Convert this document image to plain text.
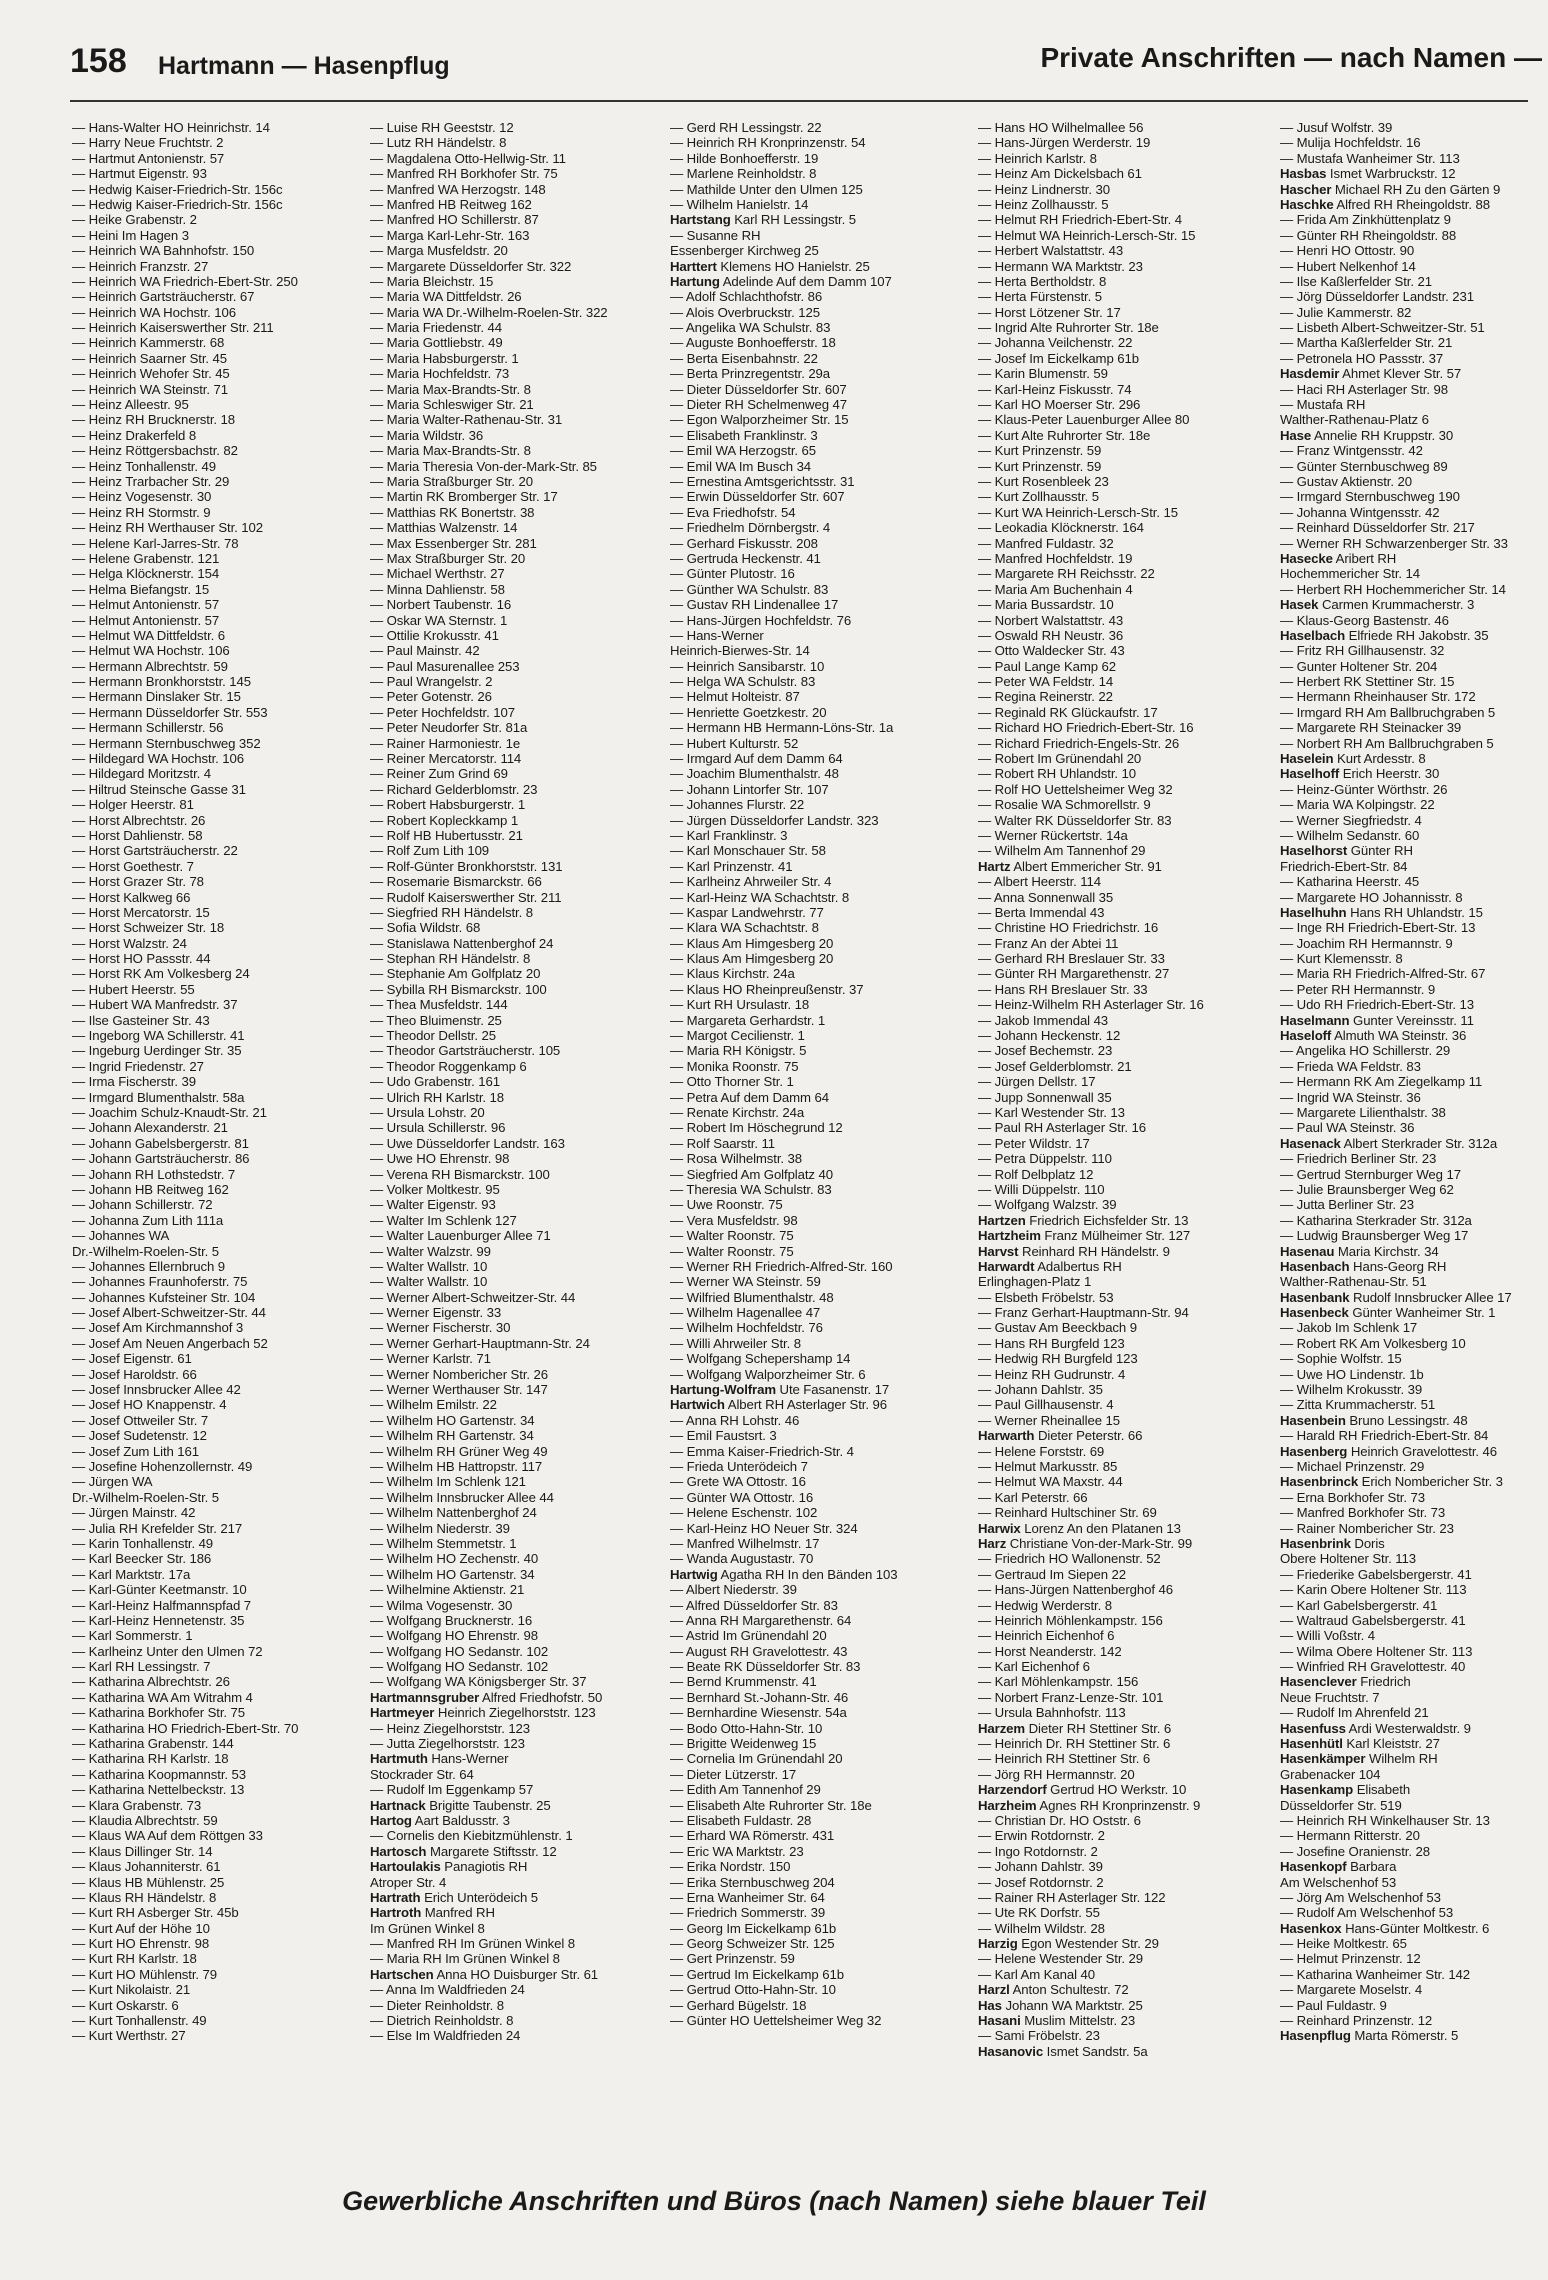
158 Hartmann — Hasenpflug	Private Anschriften — nach Namen —
— Hans-Walter HO Heinrichstr. 14
— Harry Neue Fruchtstr. 2
— Hartmut Antonienstr. 57
— Hartmut Eigenstr. 93
— Hedwig Kaiser-Friedrich-Str. 156c
— Hedwig Kaiser-Friedrich-Str. 156c
— Heike Grabenstr. 2
— Heini Im Hagen 3
— Heinrich WA Bahnhofstr. 150
— Heinrich Franzstr. 27
— Heinrich WA Friedrich-Ebert-Str. 250
— Heinrich Gartsträucherstr. 67
— Heinrich WA Hochstr. 106
— Heinrich Kaiserswerther Str. 211
— Heinrich Kammerstr. 68
— Heinrich Saarner Str. 45
— Heinrich Wehofer Str. 45
— Heinrich WA Steinstr. 71
— Heinz Alleestr. 95
— Heinz RH Brucknerstr. 18
— Heinz Drakerfeld 8
— Heinz Röttgersbachstr. 82
— Heinz Tonhallenstr. 49
— Heinz Trarbacher Str. 29
— Heinz Vogesenstr. 30
— Heinz RH Stormstr. 9
— Heinz RH Werthauser Str. 102
— Helene Karl-Jarres-Str. 78
— Helene Grabenstr. 121
— Helga Klöcknerstr. 154
— Helma Biefangstr. 15
— Helmut Antonienstr. 57
— Helmut Antonienstr. 57
— Helmut WA Dittfeldstr. 6
— Helmut WA Hochstr. 106
— Hermann Albrechtstr. 59
— Hermann Bronkhorststr. 145
— Hermann Dinslaker Str. 15
— Hermann Düsseldorfer Str. 553
— Hermann Schillerstr. 56
— Hermann Sternbuschweg 352
— Hildegard WA Hochstr. 106
— Hildegard Moritzstr. 4
— Hiltrud Steinsche Gasse 31
— Holger Heerstr. 81
— Horst Albrechtstr. 26
— Horst Dahlienstr. 58
— Horst Gartsträucherstr. 22
— Horst Goethestr. 7
— Horst Grazer Str. 78
— Horst Kalkweg 66
— Horst Mercatorstr. 15
— Horst Schweizer Str. 18
— Horst Walzstr. 24
— Horst HO Passstr. 44
— Horst RK Am Volkesberg 24
— Hubert Heerstr. 55
— Hubert WA Manfredstr. 37
— Ilse Gasteiner Str. 43
— Ingeborg WA Schillerstr. 41
— Ingeburg Uerdinger Str. 35
— Ingrid Friedenstr. 27
— Irma Fischerstr. 39
— Irmgard Blumenthalstr. 58a
— Joachim Schulz-Knaudt-Str. 21
— Johann Alexanderstr. 21
— Johann Gabelsbergerstr. 81
— Johann Gartsträucherstr. 86
— Johann RH Lothstedstr. 7
— Johann HB Reitweg 162
— Johann Schillerstr. 72
— Johanna Zum Lith 111a
— Johannes WA
Dr.-Wilhelm-Roelen-Str. 5
— Johannes Ellernbruch 9
— Johannes Fraunhoferstr. 75
— Johannes Kufsteiner Str. 104
— Josef Albert-Schweitzer-Str. 44
— Josef Am Kirchmannshof 3
— Josef Am Neuen Angerbach 52
— Josef Eigenstr. 61
— Josef Haroldstr. 66
— Josef Innsbrucker Allee 42
— Josef HO Knappenstr. 4
— Josef Ottweiler Str. 7
— Josef Sudetenstr. 12
— Josef Zum Lith 161
— Josefine Hohenzollernstr. 49
— Jürgen WA
Dr.-Wilhelm-Roelen-Str. 5
— Jürgen Mainstr. 42
— Julia RH Krefelder Str. 217
— Karin Tonhallenstr. 49
— Karl Beecker Str. 186
— Karl Marktstr. 17a
— Karl-Günter Keetmanstr. 10
— Karl-Heinz Halfmannspfad 7
— Karl-Heinz Hennetenstr. 35
— Karl Sommerstr. 1
— Karlheinz Unter den Ulmen 72
— Karl RH Lessingstr. 7
— Katharina Albrechtstr. 26
— Katharina WA Am Witrahm 4
— Katharina Borkhofer Str. 75
— Katharina HO Friedrich-Ebert-Str. 70
— Katharina Grabenstr. 144
— Katharina RH Karlstr. 18
— Katharina Koopmannstr. 53
— Katharina Nettelbeckstr. 13
— Klara Grabenstr. 73
— Klaudia Albrechtstr. 59
— Klaus WA Auf dem Röttgen 33
— Klaus Dillinger Str. 14
— Klaus Johanniterstr. 61
— Klaus HB Mühlenstr. 25
— Klaus RH Händelstr. 8
— Kurt RH Asberger Str. 45b
— Kurt Auf der Höhe 10
— Kurt HO Ehrenstr. 98
— Kurt RH Karlstr. 18
— Kurt HO Mühlenstr. 79
— Kurt Nikolaistr. 21
— Kurt Oskarstr. 6
— Kurt Tonhallenstr. 49
— Kurt Werthstr. 27
— Luise RH Geeststr. 12
— Lutz RH Händelstr. 8
— Magdalena Otto-Hellwig-Str. 11
— Manfred RH Borkhofer Str. 75
— Manfred WA Herzogstr. 148
— Manfred HB Reitweg 162
— Manfred HO Schillerstr. 87
— Marga Karl-Lehr-Str. 163
— Marga Musfeldstr. 20
— Margarete Düsseldorfer Str. 322
— Maria Bleichstr. 15
— Maria WA Dittfeldstr. 26
— Maria WA Dr.-Wilhelm-Roelen-Str. 322
— Maria Friedenstr. 44
— Maria Gottliebstr. 49
— Maria Habsburgerstr. 1
— Maria Hochfeldstr. 73
— Maria Max-Brandts-Str. 8
— Maria Schleswiger Str. 21
— Maria Walter-Rathenau-Str. 31
— Maria Wildstr. 36
— Maria Max-Brandts-Str. 8
— Maria Theresia Von-der-Mark-Str. 85
— Maria Straßburger Str. 20
— Martin RK Bromberger Str. 17
— Matthias RK Bonertstr. 38
— Matthias Walzenstr. 14
— Max Essenberger Str. 281
— Max Straßburger Str. 20
— Michael Werthstr. 27
— Minna Dahlienstr. 58
— Norbert Taubenstr. 16
— Oskar WA Sternstr. 1
— Ottilie Krokusstr. 41
— Paul Mainstr. 42
— Paul Masurenallee 253
— Paul Wrangelstr. 2
— Peter Gotenstr. 26
— Peter Hochfeldstr. 107
— Peter Neudorfer Str. 81a
— Rainer Harmoniestr. 1e
— Reiner Mercatorstr. 114
— Reiner Zum Grind 69
— Richard Gelderblomstr. 23
— Robert Habsburgerstr. 1
— Robert Kopleckkamp 1
— Rolf HB Hubertusstr. 21
— Rolf Zum Lith 109
— Rolf-Günter Bronkhorststr. 131
— Rosemarie Bismarckstr. 66
— Rudolf Kaiserswerther Str. 211
— Siegfried RH Händelstr. 8
— Sofia Wildstr. 68
— Stanislawa Nattenberghof 24
— Stephan RH Händelstr. 8
— Stephanie Am Golfplatz 20
— Sybilla RH Bismarckstr. 100
— Thea Musfeldstr. 144
— Theo Bluimenstr. 25
— Theodor Dellstr. 25
— Theodor Gartsträucherstr. 105
— Theodor Roggenkamp 6
— Udo Grabenstr. 161
— Ulrich RH Karlstr. 18
— Ursula Lohstr. 20
— Ursula Schillerstr. 96
— Uwe Düsseldorfer Landstr. 163
— Uwe HO Ehrenstr. 98
— Verena RH Bismarckstr. 100
— Volker Moltkestr. 95
— Walter Eigenstr. 93
— Walter Im Schlenk 127
— Walter Lauenburger Allee 71
— Walter Walzstr. 99
— Walter Wallstr. 10
— Walter Wallstr. 10
— Werner Albert-Schweitzer-Str. 44
— Werner Eigenstr. 33
— Werner Fischerstr. 30
— Werner Gerhart-Hauptmann-Str. 24
— Werner Karlstr. 71
— Werner Nombericher Str. 26
— Werner Werthauser Str. 147
— Wilhelm Emilstr. 22
— Wilhelm HO Gartenstr. 34
— Wilhelm RH Gartenstr. 34
— Wilhelm RH Grüner Weg 49
— Wilhelm HB Hattropstr. 117
— Wilhelm Im Schlenk 121
— Wilhelm Innsbrucker Allee 44
— Wilhelm Nattenberghof 24
— Wilhelm Niederstr. 39
— Wilhelm Stemmetstr. 1
— Wilhelm HO Zechenstr. 40
— Wilhelm HO Gartenstr. 34
— Wilhelmine Aktienstr. 21
— Wilma Vogesenstr. 30
— Wolfgang Brucknerstr. 16
— Wolfgang HO Ehrenstr. 98
— Wolfgang HO Sedanstr. 102
— Wolfgang HO Sedanstr. 102
— Wolfgang WA Königsberger Str. 37
Hartmannsgruber Alfred Friedhofstr. 50
Hartmeyer Heinrich Ziegelhorststr. 123
— Heinz Ziegelhorststr. 123
— Jutta Ziegelhorststr. 123
Hartmuth Hans-Werner
Stockrader Str. 64
— Rudolf Im Eggenkamp 57
Hartnack Brigitte Taubenstr. 25
Hartog Aart Baldusstr. 3
— Cornelis den Kiebitzmühlenstr. 1
Hartosch Margarete Stiftsstr. 12
Hartoulakis Panagiotis RH
Atroper Str. 4
Hartrath Erich Unterödeich 5
Hartroth Manfred RH
Im Grünen Winkel 8
— Manfred RH Im Grünen Winkel 8
— Maria RH Im Grünen Winkel 8
Hartschen Anna HO Duisburger Str. 61
— Anna Im Waldfrieden 24
— Dieter Reinholdstr. 8
— Dietrich Reinholdstr. 8
— Else Im Waldfrieden 24
— Gerd RH Lessingstr. 22
— Heinrich RH Kronprinzenstr. 54
— Hilde Bonhoefferstr. 19
— Marlene Reinholdstr. 8
— Mathilde Unter den Ulmen 125
— Wilhelm Hanielstr. 14
Hartstang Karl RH Lessingstr. 5
— Susanne RH
Essenberger Kirchweg 25
Harttert Klemens HO Hanielstr. 25
Hartung Adelinde Auf dem Damm 107
— Adolf Schlachthofstr. 86
— Alois Overbruckstr. 125
— Angelika WA Schulstr. 83
— Auguste Bonhoefferstr. 18
— Berta Eisenbahnstr. 22
— Berta Prinzregentstr. 29a
— Dieter Düsseldorfer Str. 607
— Dieter RH Schelmenweg 47
— Egon Walporzheimer Str. 15
— Elisabeth Franklinstr. 3
— Emil WA Herzogstr. 65
— Emil WA Im Busch 34
— Ernestina Amtsgerichtsstr. 31
— Erwin Düsseldorfer Str. 607
— Eva Friedhofstr. 54
— Friedhelm Dörnbergstr. 4
— Gerhard Fiskusstr. 208
— Gertruda Heckenstr. 41
— Günter Plutostr. 16
— Günther WA Schulstr. 83
— Gustav RH Lindenallee 17
— Hans-Jürgen Hochfeldstr. 76
— Hans-Werner
Heinrich-Bierwes-Str. 14
— Heinrich Sansibarstr. 10
— Helga WA Schulstr. 83
— Helmut Holteistr. 87
— Henriette Goetzkestr. 20
— Hermann HB Hermann-Löns-Str. 1a
— Hubert Kulturstr. 52
— Irmgard Auf dem Damm 64
— Joachim Blumenthalstr. 48
— Johann Lintorfer Str. 107
— Johannes Flurstr. 22
— Jürgen Düsseldorfer Landstr. 323
— Karl Franklinstr. 3
— Karl Monschauer Str. 58
— Karl Prinzenstr. 41
— Karlheinz Ahrweiler Str. 4
— Karl-Heinz WA Schachtstr. 8
— Kaspar Landwehrstr. 77
— Klara WA Schachtstr. 8
— Klaus Am Himgesberg 20
— Klaus Am Himgesberg 20
— Klaus Kirchstr. 24a
— Klaus HO Rheinpreußenstr. 37
— Kurt RH Ursulastr. 18
— Margareta Gerhardstr. 1
— Margot Cecilienstr. 1
— Maria RH Königstr. 5
— Monika Roonstr. 75
— Otto Thorner Str. 1
— Petra Auf dem Damm 64
— Renate Kirchstr. 24a
— Robert Im Höschegrund 12
— Rolf Saarstr. 11
— Rosa Wilhelmstr. 38
— Siegfried Am Golfplatz 40
— Theresia WA Schulstr. 83
— Uwe Roonstr. 75
— Vera Musfeldstr. 98
— Walter Roonstr. 75
— Walter Roonstr. 75
— Werner RH Friedrich-Alfred-Str. 160
— Werner WA Steinstr. 59
— Wilfried Blumenthalstr. 48
— Wilhelm Hagenallee 47
— Wilhelm Hochfeldstr. 76
— Willi Ahrweiler Str. 8
— Wolfgang Schepershamp 14
— Wolfgang Walporzheimer Str. 6
Hartung-Wolfram Ute Fasanenstr. 17
Hartwich Albert RH Asterlager Str. 96
— Anna RH Lohstr. 46
— Emil Faustsrt. 3
— Emma Kaiser-Friedrich-Str. 4
— Frieda Unterödeich 7
— Grete WA Ottostr. 16
— Günter WA Ottostr. 16
— Helene Eschenstr. 102
— Karl-Heinz HO Neuer Str. 324
— Manfred Wilhelmstr. 17
— Wanda Augustastr. 70
Hartwig Agatha RH In den Bänden 103
— Albert Niederstr. 39
— Alfred Düsseldorfer Str. 83
— Anna RH Margarethenstr. 64
— Astrid Im Grünendahl 20
— August RH Gravelottestr. 43
— Beate RK Düsseldorfer Str. 83
— Bernd Krummenstr. 41
— Bernhard St.-Johann-Str. 46
— Bernhardine Wiesenstr. 54a
— Bodo Otto-Hahn-Str. 10
— Brigitte Weidenweg 15
— Cornelia Im Grünendahl 20
— Dieter Lützerstr. 17
— Edith Am Tannenhof 29
— Elisabeth Alte Ruhrorter Str. 18e
— Elisabeth Fuldastr. 28
— Erhard WA Römerstr. 431
— Eric WA Marktstr. 23
— Erika Nordstr. 150
— Erika Sternbuschweg 204
— Erna Wanheimer Str. 64
— Friedrich Sommerstr. 39
— Georg Im Eickelkamp 61b
— Georg Schweizer Str. 125
— Gert Prinzenstr. 59
— Gertrud Im Eickelkamp 61b
— Gertrud Otto-Hahn-Str. 10
— Gerhard Bügelstr. 18
— Günter HO Uettelsheimer Weg 32
— Hans HO Wilhelmallee 56
— Hans-Jürgen Werderstr. 19
— Heinrich Karlstr. 8
— Heinz Am Dickelsbach 61
— Heinz Lindnerstr. 30
— Heinz Zollhausstr. 5
— Helmut RH Friedrich-Ebert-Str. 4
— Helmut WA Heinrich-Lersch-Str. 15
— Herbert Walstattstr. 43
— Hermann WA Marktstr. 23
— Herta Bertholdstr. 8
— Herta Fürstenstr. 5
— Horst Lötzener Str. 17
— Ingrid Alte Ruhrorter Str. 18e
— Johanna Veilchenstr. 22
— Josef Im Eickelkamp 61b
— Karin Blumenstr. 59
— Karl-Heinz Fiskusstr. 74
— Karl HO Moerser Str. 296
— Klaus-Peter Lauenburger Allee 80
— Kurt Alte Ruhrorter Str. 18e
— Kurt Prinzenstr. 59
— Kurt Prinzenstr. 59
— Kurt Rosenbleek 23
— Kurt Zollhausstr. 5
— Kurt WA Heinrich-Lersch-Str. 15
— Leokadia Klöcknerstr. 164
— Manfred Fuldastr. 32
— Manfred Hochfeldstr. 19
— Margarete RH Reichsstr. 22
— Maria Am Buchenhain 4
— Maria Bussardstr. 10
— Norbert Walstattstr. 43
— Oswald RH Neustr. 36
— Otto Waldecker Str. 43
— Paul Lange Kamp 62
— Peter WA Feldstr. 14
— Regina Reinerstr. 22
— Reginald RK Glückaufstr. 17
— Richard HO Friedrich-Ebert-Str. 16
— Richard Friedrich-Engels-Str. 26
— Robert Im Grünendahl 20
— Robert RH Uhlandstr. 10
— Rolf HO Uettelsheimer Weg 32
— Rosalie WA Schmorellstr. 9
— Walter RK Düsseldorfer Str. 83
— Werner Rückertstr. 14a
— Wilhelm Am Tannenhof 29
Hartz Albert Emmericher Str. 91
— Albert Heerstr. 114
— Anna Sonnenwall 35
— Berta Immendal 43
— Christine HO Friedrichstr. 16
— Franz An der Abtei 11
— Gerhard RH Breslauer Str. 33
— Günter RH Margarethenstr. 27
— Hans RH Breslauer Str. 33
— Heinz-Wilhelm RH Asterlager Str. 16
— Jakob Immendal 43
— Johann Heckenstr. 12
— Josef Bechemstr. 23
— Josef Gelderblomstr. 21
— Jürgen Dellstr. 17
— Jupp Sonnenwall 35
— Karl Westender Str. 13
— Paul RH Asterlager Str. 16
— Peter Wildstr. 17
— Petra Düppelstr. 110
— Rolf Delbplatz 12
— Willi Düppelstr. 110
— Wolfgang Walzstr. 39
Hartzen Friedrich Eichsfelder Str. 13
Hartzheim Franz Mülheimer Str. 127
Harvst Reinhard RH Händelstr. 9
Harwardt Adalbertus RH
Erlinghagen-Platz 1
— Elsbeth Fröbelstr. 53
— Franz Gerhart-Hauptmann-Str. 94
— Gustav Am Beeckbach 9
— Hans RH Burgfeld 123
— Hedwig RH Burgfeld 123
— Heinz RH Gudrunstr. 4
— Johann Dahlstr. 35
— Paul Gillhausenstr. 4
— Werner Rheinallee 15
Harwarth Dieter Peterstr. 66
— Helene Forststr. 69
— Helmut Markusstr. 85
— Helmut WA Maxstr. 44
— Karl Peterstr. 66
— Reinhard Hultschiner Str. 69
Harwix Lorenz An den Platanen 13
Harz Christiane Von-der-Mark-Str. 99
— Friedrich HO Wallonenstr. 52
— Gertraud Im Siepen 22
— Hans-Jürgen Nattenberghof 46
— Hedwig Werderstr. 8
— Heinrich Möhlenkampstr. 156
— Heinrich Eichenhof 6
— Horst Neanderstr. 142
— Karl Eichenhof 6
— Karl Möhlenkampstr. 156
— Norbert Franz-Lenze-Str. 101
— Ursula Bahnhofstr. 113
Harzem Dieter RH Stettiner Str. 6
— Heinrich Dr. RH Stettiner Str. 6
— Heinrich RH Stettiner Str. 6
— Jörg RH Hermannstr. 20
Harzendorf Gertrud HO Werkstr. 10
Harzheim Agnes RH Kronprinzenstr. 9
— Christian Dr. HO Oststr. 6
— Erwin Rotdornstr. 2
— Ingo Rotdornstr. 2
— Johann Dahlstr. 39
— Josef Rotdornstr. 2
— Rainer RH Asterlager Str. 122
— Ute RK Dorfstr. 55
— Wilhelm Wildstr. 28
Harzig Egon Westender Str. 29
— Helene Westender Str. 29
— Karl Am Kanal 40
Harzl Anton Schultestr. 72
Has Johann WA Marktstr. 25
Hasani Muslim Mittelstr. 23
— Sami Fröbelstr. 23
Hasanovic Ismet Sandstr. 5a
— Jusuf Wolfstr. 39
— Mulija Hochfeldstr. 16
— Mustafa Wanheimer Str. 113
Hasbas Ismet Warbruckstr. 12
Hascher Michael RH Zu den Gärten 9
Haschke Alfred RH Rheingoldstr. 88
— Frida Am Zinkhüttenplatz 9
— Günter RH Rheingoldstr. 88
— Henri HO Ottostr. 90
— Hubert Nelkenhof 14
— Ilse Kaßlerfelder Str. 21
— Jörg Düsseldorfer Landstr. 231
— Julie Kammerstr. 82
— Lisbeth Albert-Schweitzer-Str. 51
— Martha Kaßlerfelder Str. 21
— Petronela HO Passstr. 37
Hasdemir Ahmet Klever Str. 57
— Haci RH Asterlager Str. 98
— Mustafa RH
Walther-Rathenau-Platz 6
Hase Annelie RH Kruppstr. 30
— Franz Wintgensstr. 42
— Günter Sternbuschweg 89
— Gustav Aktienstr. 20
— Irmgard Sternbuschweg 190
— Johanna Wintgensstr. 42
— Reinhard Düsseldorfer Str. 217
— Werner RH Schwarzenberger Str. 33
Hasecke Aribert RH
Hochemmericher Str. 14
— Herbert RH Hochemmericher Str. 14
Hasek Carmen Krummacherstr. 3
— Klaus-Georg Bastenstr. 46
Haselbach Elfriede RH Jakobstr. 35
— Fritz RH Gillhausenstr. 32
— Gunter Holtener Str. 204
— Herbert RK Stettiner Str. 15
— Hermann Rheinhauser Str. 172
— Irmgard RH Am Ballbruchgraben 5
— Margarete RH Steinacker 39
— Norbert RH Am Ballbruchgraben 5
Haselein Kurt Ardesstr. 8
Haselhoff Erich Heerstr. 30
— Heinz-Günter Wörthstr. 26
— Maria WA Kolpingstr. 22
— Werner Siegfriedstr. 4
— Wilhelm Sedanstr. 60
Haselhorst Günter RH
Friedrich-Ebert-Str. 84
— Katharina Heerstr. 45
— Margarete HO Johannisstr. 8
Haselhuhn Hans RH Uhlandstr. 15
— Inge RH Friedrich-Ebert-Str. 13
— Joachim RH Hermannstr. 9
— Kurt Klemensstr. 8
— Maria RH Friedrich-Alfred-Str. 67
— Peter RH Hermannstr. 9
— Udo RH Friedrich-Ebert-Str. 13
Haselmann Gunter Vereinsstr. 11
Haseloff Almuth WA Steinstr. 36
— Angelika HO Schillerstr. 29
— Frieda WA Feldstr. 83
— Hermann RK Am Ziegelkamp 11
— Ingrid WA Steinstr. 36
— Margarete Lilienthalstr. 38
— Paul WA Steinstr. 36
Hasenack Albert Sterkrader Str. 312a
— Friedrich Berliner Str. 23
— Gertrud Sternburger Weg 17
— Julie Braunsberger Weg 62
— Jutta Berliner Str. 23
— Katharina Sterkrader Str. 312a
— Ludwig Braunsberger Weg 17
Hasenau Maria Kirchstr. 34
Hasenbach Hans-Georg RH
Walther-Rathenau-Str. 51
Hasenbank Rudolf Innsbrucker Allee 17
Hasenbeck Günter Wanheimer Str. 1
— Jakob Im Schlenk 17
— Robert RK Am Volkesberg 10
— Sophie Wolfstr. 15
— Uwe HO Lindenstr. 1b
— Wilhelm Krokusstr. 39
— Zitta Krummacherstr. 51
Hasenbein Bruno Lessingstr. 48
— Harald RH Friedrich-Ebert-Str. 84
Hasenberg Heinrich Gravelottestr. 46
— Michael Prinzenstr. 29
Hasenbrinck Erich Nombericher Str. 3
— Erna Borkhofer Str. 73
— Manfred Borkhofer Str. 73
— Rainer Nombericher Str. 23
Hasenbrink Doris
Obere Holtener Str. 113
— Friederike Gabelsbergerstr. 41
— Karin Obere Holtener Str. 113
— Karl Gabelsbergerstr. 41
— Waltraud Gabelsbergerstr. 41
— Willi Voßstr. 4
— Wilma Obere Holtener Str. 113
— Winfried RH Gravelottestr. 40
Hasenclever Friedrich
Neue Fruchtstr. 7
— Rudolf Im Ahrenfeld 21
Hasenfuss Ardi Westerwaldstr. 9
Hasenhütl Karl Kleiststr. 27
Hasenkämper Wilhelm RH
Grabenacker 104
Hasenkamp Elisabeth
Düsseldorfer Str. 519
— Heinrich RH Winkelhauser Str. 13
— Hermann Ritterstr. 20
— Josefine Oranienstr. 28
Hasenkopf Barbara
Am Welschenhof 53
— Jörg Am Welschenhof 53
— Rudolf Am Welschenhof 53
Hasenkox Hans-Günter Moltkestr. 6
— Heike Moltkestr. 65
— Helmut Prinzenstr. 12
— Katharina Wanheimer Str. 142
— Margarete Moselstr. 4
— Paul Fuldastr. 9
— Reinhard Prinzenstr. 12
Hasenpflug Marta Römerstr. 5
Gewerbliche Anschriften und Büros (nach Namen) siehe blauer Teil
